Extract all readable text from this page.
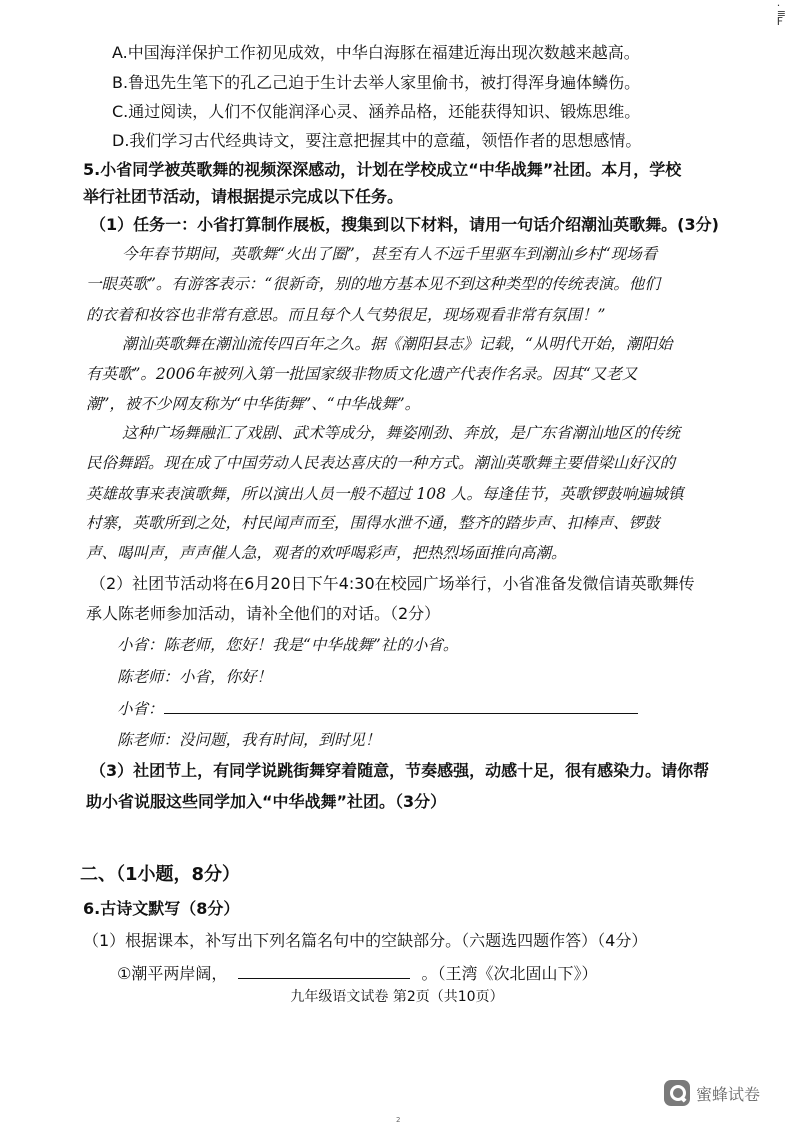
·
≡
F
A.中国海洋保护工作初见成效，中华白海豚在福建近海出现次数越来越高。
B.鲁迅先生笔下的孔乙己迫于生计去举人家里偷书，被打得浑身遍体鳞伤。
C.通过阅读，人们不仅能润泽心灵、涵养品格，还能获得知识、锻炼思维。
D.我们学习古代经典诗文，要注意把握其中的意蕴，领悟作者的思想感情。
5.小省同学被英歌舞的视频深深感动，计划在学校成立“中华战舞”社团。本月，学校
举行社团节活动，请根据提示完成以下任务。
（1）任务一：小省打算制作展板，搜集到以下材料，请用一句话介绍潮汕英歌舞。(3分)
今年春节期间，英歌舞“火出了圈”，甚至有人不远千里驱车到潮汕乡村“现场看
一眼英歌”。有游客表示：“很新奇，别的地方基本见不到这种类型的传统表演。他们
的衣着和妆容也非常有意思。而且每个人气势很足，现场观看非常有氛围！”
潮汕英歌舞在潮汕流传四百年之久。据《潮阳县志》记载，“从明代开始，潮阳始
有英歌”。2006年被列入第一批国家级非物质文化遗产代表作名录。因其“又老又
潮”，被不少网友称为“中华街舞”、“中华战舞”。
这种广场舞融汇了戏剧、武术等成分，舞姿刚劲、奔放，是广东省潮汕地区的传统
民俗舞蹈。现在成了中国劳动人民表达喜庆的一种方式。潮汕英歌舞主要借梁山好汉的
英雄故事来表演歌舞，所以演出人员一般不超过 108 人。每逢佳节，英歌锣鼓响遍城镇
村寨，英歌所到之处，村民闻声而至，围得水泄不通，整齐的踏步声、扣棒声、锣鼓
声、喝叫声，声声催人急，观者的欢呼喝彩声，把热烈场面推向高潮。
（2）社团节活动将在6月20日下午4:30在校园广场举行，小省准备发微信请英歌舞传
承人陈老师参加活动，请补全他们的对话。（2分）
小省：陈老师，您好！我是“中华战舞”社的小省。
陈老师：小省，你好！
小省：
陈老师：没问题，我有时间，到时见！
（3）社团节上，有同学说跳街舞穿着随意，节奏感强，动感十足，很有感染力。请你帮
助小省说服这些同学加入“中华战舞”社团。（3分）
二、（1小题，8分）
6.古诗文默写（8分）
（1）根据课本，补写出下列名篇名句中的空缺部分。（六题选四题作答）（4分）
①潮平两岸阔，	。（王湾《次北固山下》）
九年级语文试卷 第2页（共10页）
蜜蜂试卷
2
